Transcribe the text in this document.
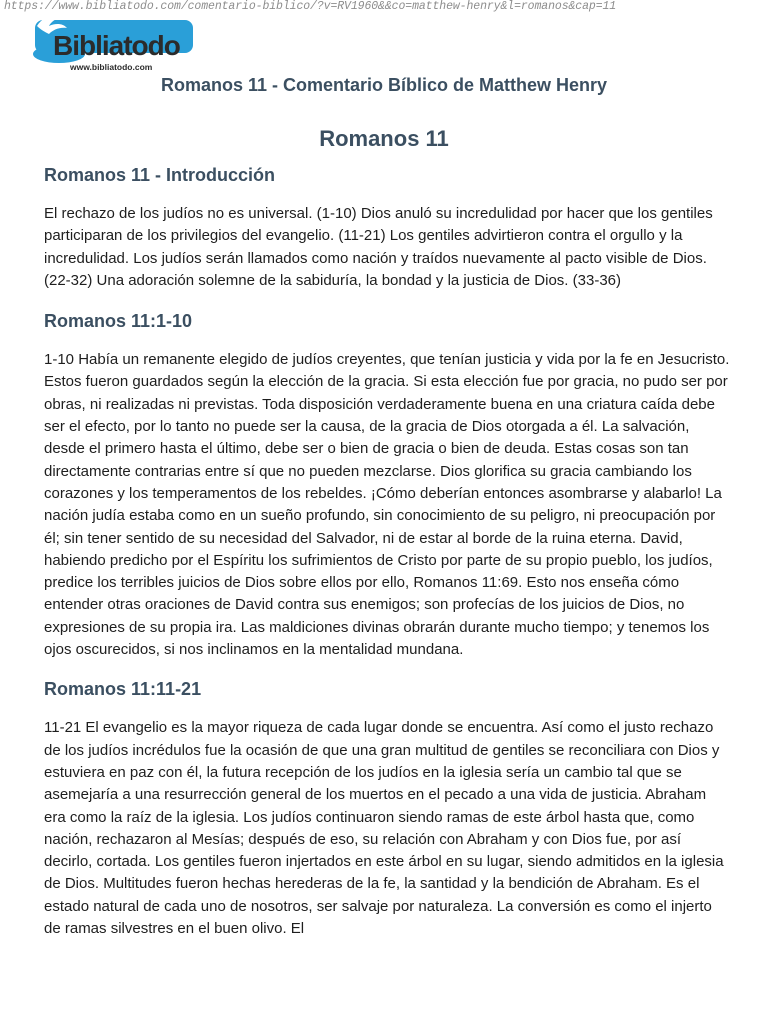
https://www.bibliatodo.com/comentario-biblico/?v=RV1960&&co=matthew-henry&l=romanos&cap=11
Bibliatodo
www.bibliatodo.com
Romanos 11 - Comentario Bíblico de Matthew Henry
Romanos 11
Romanos 11 - Introducción

El rechazo de los judíos no es universal. (1-10) Dios anuló su incredulidad por hacer que los gentiles participaran de los privilegios del evangelio. (11-21) Los gentiles advirtieron contra el orgullo y la incredulidad. Los judíos serán llamados como nación y traídos nuevamente al pacto visible de Dios. (22-32) Una adoración solemne de la sabiduría, la bondad y la justicia de Dios. (33-36)

Romanos 11:1-10

1-10 Había un remanente elegido de judíos creyentes, que tenían justicia y vida por la fe en Jesucristo. Estos fueron guardados según la elección de la gracia. Si esta elección fue por gracia, no pudo ser por obras, ni realizadas ni previstas. Toda disposición verdaderamente buena en una criatura caída debe ser el efecto, por lo tanto no puede ser la causa, de la gracia de Dios otorgada a él. La salvación, desde el primero hasta el último, debe ser o bien de gracia o bien de deuda. Estas cosas son tan directamente contrarias entre sí que no pueden mezclarse. Dios glorifica su gracia cambiando los corazones y los temperamentos de los rebeldes. ¡Cómo deberían entonces asombrarse y alabarlo! La nación judía estaba como en un sueño profundo, sin conocimiento de su peligro, ni preocupación por él; sin tener sentido de su necesidad del Salvador, ni de estar al borde de la ruina eterna. David, habiendo predicho por el Espíritu los sufrimientos de Cristo por parte de su propio pueblo, los judíos, predice los terribles juicios de Dios sobre ellos por ello, Romanos 11:69. Esto nos enseña cómo entender otras oraciones de David contra sus enemigos; son profecías de los juicios de Dios, no expresiones de su propia ira. Las maldiciones divinas obrarán durante mucho tiempo; y tenemos los ojos oscurecidos, si nos inclinamos en la mentalidad mundana.

Romanos 11:11-21

11-21 El evangelio es la mayor riqueza de cada lugar donde se encuentra. Así como el justo rechazo de los judíos incrédulos fue la ocasión de que una gran multitud de gentiles se reconciliara con Dios y estuviera en paz con él, la futura recepción de los judíos en la iglesia sería un cambio tal que se asemejaría a una resurrección general de los muertos en el pecado a una vida de justicia. Abraham era como la raíz de la iglesia. Los judíos continuaron siendo ramas de este árbol hasta que, como nación, rechazaron al Mesías; después de eso, su relación con Abraham y con Dios fue, por así decirlo, cortada. Los gentiles fueron injertados en este árbol en su lugar, siendo admitidos en la iglesia de Dios. Multitudes fueron hechas herederas de la fe, la santidad y la bendición de Abraham. Es el estado natural de cada uno de nosotros, ser salvaje por naturaleza. La conversión es como el injerto de ramas silvestres en el buen olivo. El
